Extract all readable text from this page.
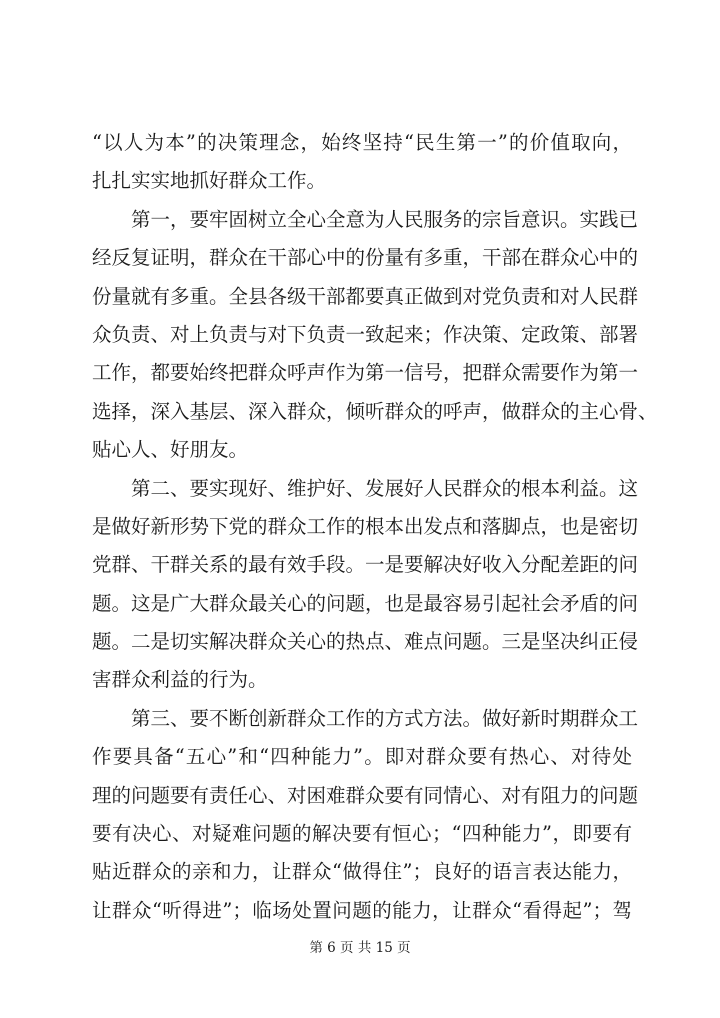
“以人为本”的决策理念，始终坚持“民生第一”的价值取向，
扎扎实实地抓好群众工作。
　　第一，要牢固树立全心全意为人民服务的宗旨意识。实践已
经反复证明，群众在干部心中的份量有多重，干部在群众心中的
份量就有多重。全县各级干部都要真正做到对党负责和对人民群
众负责、对上负责与对下负责一致起来；作决策、定政策、部署
工作，都要始终把群众呼声作为第一信号，把群众需要作为第一
选择，深入基层、深入群众，倾听群众的呼声，做群众的主心骨、
贴心人、好朋友。
　　第二、要实现好、维护好、发展好人民群众的根本利益。这
是做好新形势下党的群众工作的根本出发点和落脚点，也是密切
党群、干群关系的最有效手段。一是要解决好收入分配差距的问
题。这是广大群众最关心的问题，也是最容易引起社会矛盾的问
题。二是切实解决群众关心的热点、难点问题。三是坚决纠正侵
害群众利益的行为。
　　第三、要不断创新群众工作的方式方法。做好新时期群众工
作要具备“五心”和“四种能力”。即对群众要有热心、对待处
理的问题要有责任心、对困难群众要有同情心、对有阻力的问题
要有决心、对疑难问题的解决要有恒心；“四种能力”，即要有
贴近群众的亲和力，让群众“做得住”；良好的语言表达能力，
让群众“听得进”；临场处置问题的能力，让群众“看得起”；驾
第 6 页 共 15 页
